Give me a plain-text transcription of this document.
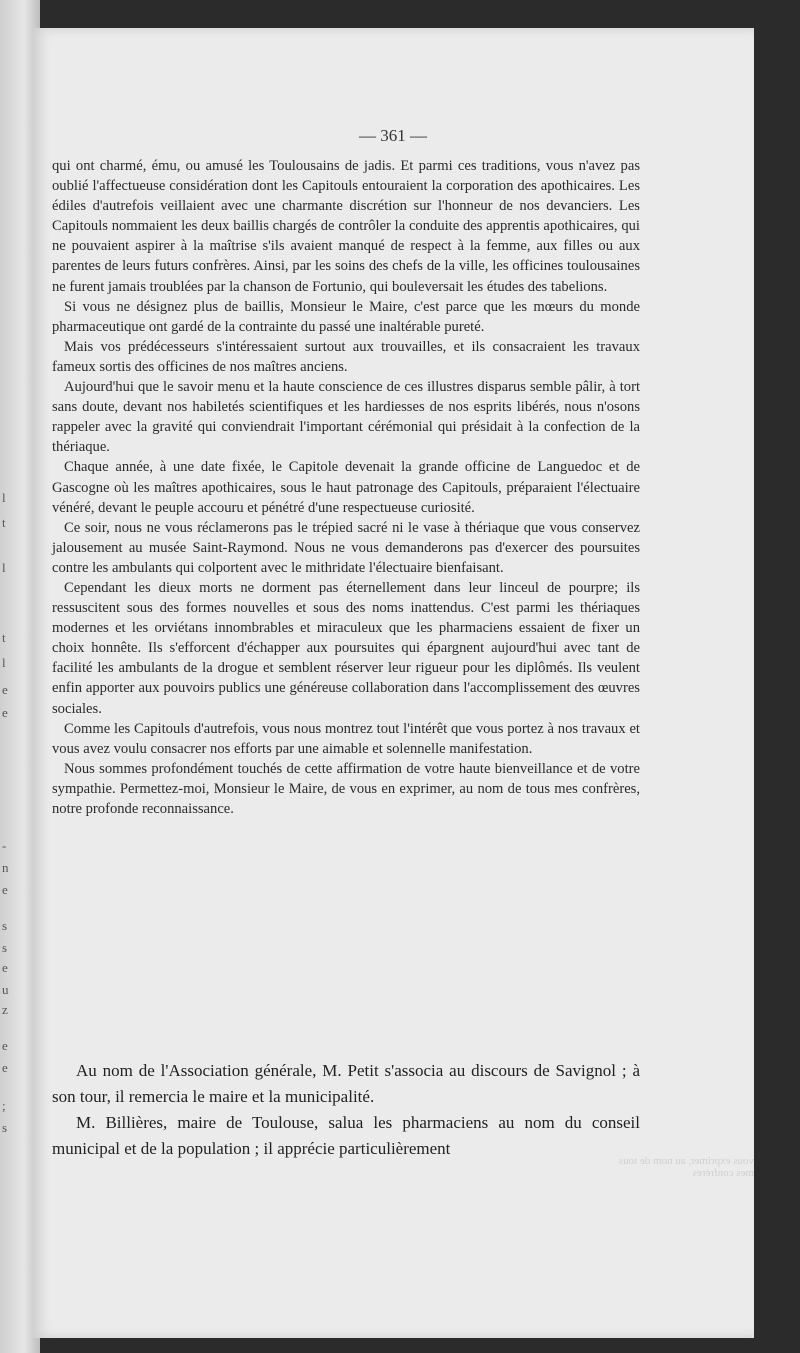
l
t
l
t
l
e
e
-
n
e
s
s
e
u
z
e
e
;
s
— 361 —

qui ont charmé, ému, ou amusé les Toulousains de jadis. Et parmi ces traditions, vous n'avez pas oublié l'affectueuse considération dont les Capitouls entouraient la corporation des apothicaires. Les édiles d'autrefois veillaient avec une charmante discrétion sur l'honneur de nos devanciers. Les Capitouls nommaient les deux baillis chargés de contrôler la conduite des apprentis apothicaires, qui ne pouvaient aspirer à la maîtrise s'ils avaient manqué de respect à la femme, aux filles ou aux parentes de leurs futurs confrères. Ainsi, par les soins des chefs de la ville, les officines toulousaines ne furent jamais troublées par la chanson de Fortunio, qui bouleversait les études des tabelions.

Si vous ne désignez plus de baillis, Monsieur le Maire, c'est parce que les mœurs du monde pharmaceutique ont gardé de la contrainte du passé une inaltérable pureté.

Mais vos prédécesseurs s'intéressaient surtout aux trouvailles, et ils consacraient les travaux fameux sortis des officines de nos maîtres anciens.

Aujourd'hui que le savoir menu et la haute conscience de ces illustres disparus semble pâlir, à tort sans doute, devant nos habiletés scientifiques et les hardiesses de nos esprits libérés, nous n'osons rappeler avec la gravité qui conviendrait l'important cérémonial qui présidait à la confection de la thériaque.

Chaque année, à une date fixée, le Capitole devenait la grande officine de Languedoc et de Gascogne où les maîtres apothicaires, sous le haut patronage des Capitouls, préparaient l'électuaire vénéré, devant le peuple accouru et pénétré d'une respectueuse curiosité.

Ce soir, nous ne vous réclamerons pas le trépied sacré ni le vase à thériaque que vous conservez jalousement au musée Saint-Raymond. Nous ne vous demanderons pas d'exercer des poursuites contre les ambulants qui colportent avec le mithridate l'électuaire bienfaisant.

Cependant les dieux morts ne dorment pas éternellement dans leur linceul de pourpre; ils ressuscitent sous des formes nouvelles et sous des noms inattendus. C'est parmi les thériaques modernes et les orviétans innombrables et miraculeux que les pharmaciens essaient de fixer un choix honnête. Ils s'efforcent d'échapper aux poursuites qui épargnent aujourd'hui avec tant de facilité les ambulants de la drogue et semblent réserver leur rigueur pour les diplômés. Ils veulent enfin apporter aux pouvoirs publics une généreuse collaboration dans l'accomplissement des œuvres sociales.

Comme les Capitouls d'autrefois, vous nous montrez tout l'intérêt que vous portez à nos travaux et vous avez voulu consacrer nos efforts par une aimable et solennelle manifestation.

Nous sommes profondément touchés de cette affirmation de votre haute bienveillance et de votre sympathie. Permettez-moi, Monsieur le Maire, de vous en exprimer, au nom de tous mes confrères, notre profonde reconnaissance.

Au nom de l'Association générale, M. Petit s'associa au discours de Savignol ; à son tour, il remercia le maire et la municipalité.

M. Billières, maire de Toulouse, salua les pharmaciens au nom du conseil municipal et de la population ; il apprécie particulièrement

vous exprimer, au nom de tous mes confrères
